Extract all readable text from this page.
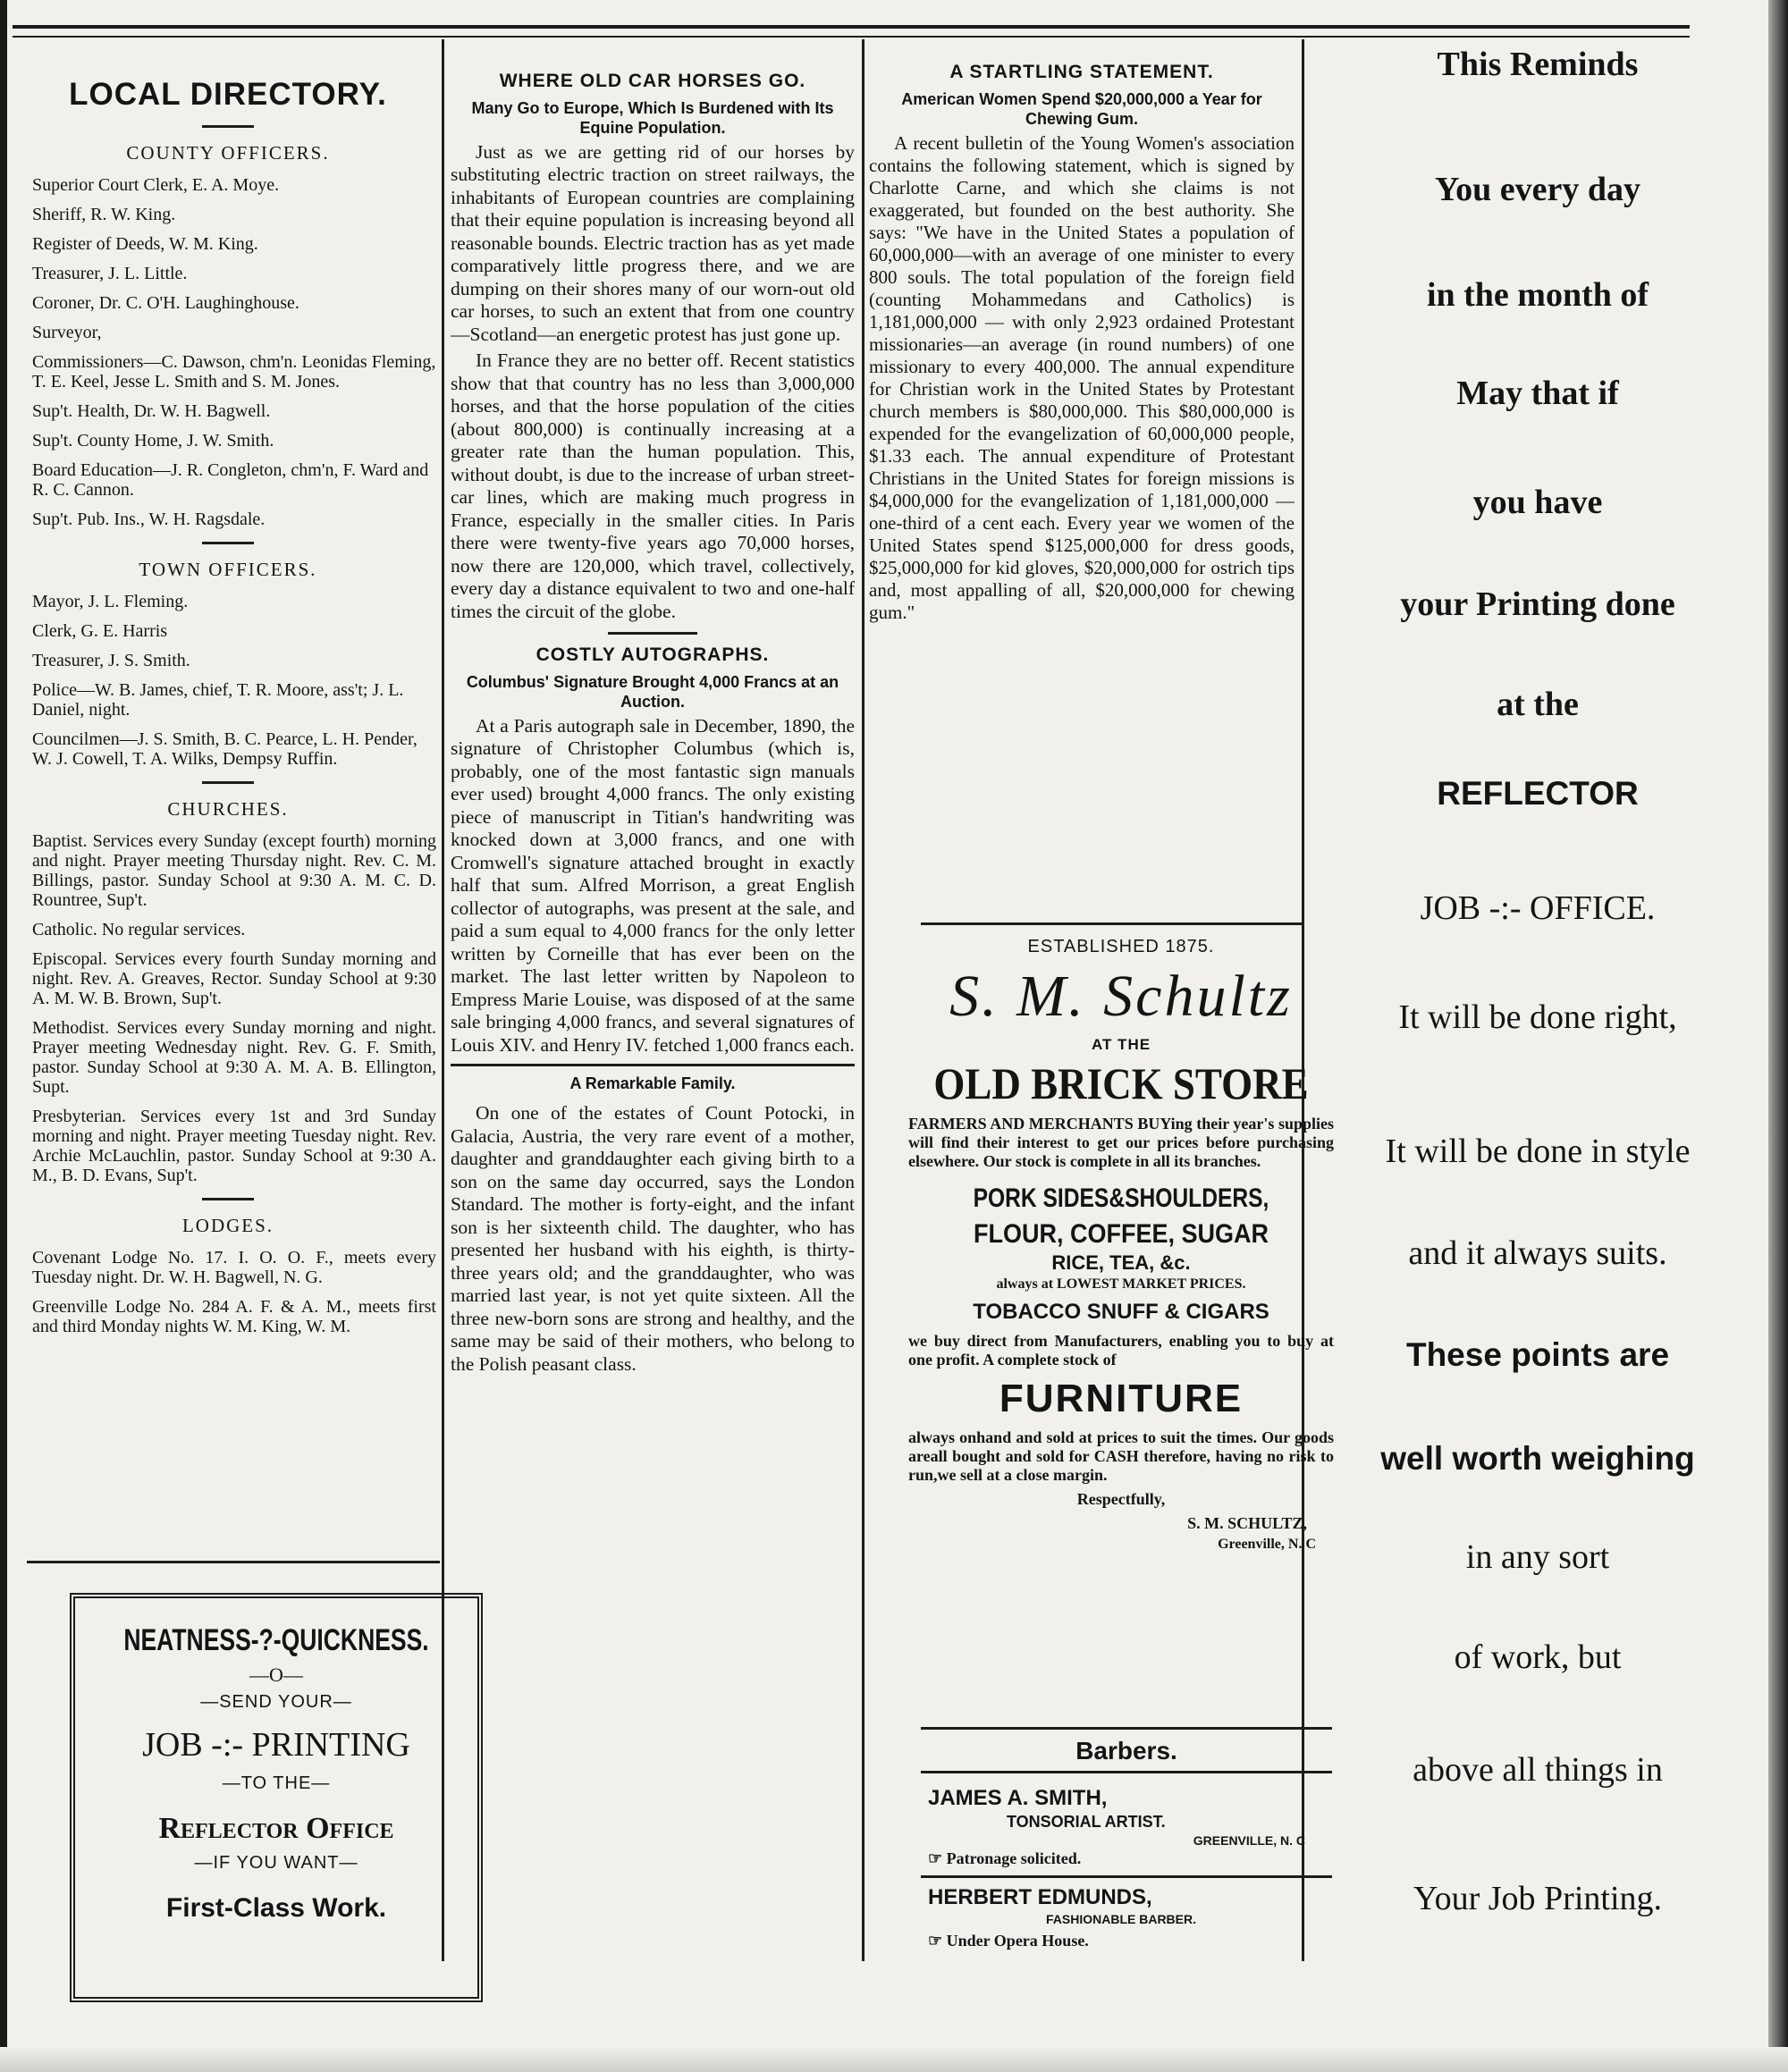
LOCAL DIRECTORY.
COUNTY OFFICERS.

Superior Court Clerk, E. A. Moye.

Sheriff, R. W. King.

Register of Deeds, W. M. King.

Treasurer, J. L. Little.

Coroner, Dr. C. O'H. Laughinghouse.

Surveyor,

Commissioners—C. Dawson, chm'n. Leonidas Fleming, T. E. Keel, Jesse L. Smith and S. M. Jones.

Sup't. Health, Dr. W. H. Bagwell.

Sup't. County Home, J. W. Smith.

Board Education—J. R. Congleton, chm'n, F. Ward and R. C. Cannon.

Sup't. Pub. Ins., W. H. Ragsdale.

TOWN OFFICERS.

Mayor, J. L. Fleming.

Clerk, G. E. Harris

Treasurer, J. S. Smith.

Police—W. B. James, chief, T. R. Moore, ass't; J. L. Daniel, night.

Councilmen—J. S. Smith, B. C. Pearce, L. H. Pender, W. J. Cowell, T. A. Wilks, Dempsy Ruffin.

CHURCHES.

Baptist. Services every Sunday (except fourth) morning and night. Prayer meeting Thursday night. Rev. C. M. Billings, pastor. Sunday School at 9:30 A. M. C. D. Rountree, Sup't.

Catholic. No regular services.

Episcopal. Services every fourth Sunday morning and night. Rev. A. Greaves, Rector. Sunday School at 9:30 A. M. W. B. Brown, Sup't.

Methodist. Services every Sunday morning and night. Prayer meeting Wednesday night. Rev. G. F. Smith, pastor. Sunday School at 9:30 A. M. A. B. Ellington, Supt.

Presbyterian. Services every 1st and 3rd Sunday morning and night. Prayer meeting Tuesday night. Rev. Archie McLauchlin, pastor. Sunday School at 9:30 A. M., B. D. Evans, Sup't.

LODGES.

Covenant Lodge No. 17. I. O. O. F., meets every Tuesday night. Dr. W. H. Bagwell, N. G.

Greenville Lodge No. 284 A. F. & A. M., meets first and third Monday nights W. M. King, W. M.

NEATNESS-?-QUICKNESS.
—O—
—SEND YOUR—
JOB -:- PRINTING
—TO THE—
Reflector Office
—IF YOU WANT—
First-Class Work.
WHERE OLD CAR HORSES GO.
Many Go to Europe, Which Is Burdened with Its Equine Population.

Just as we are getting rid of our horses by substituting electric traction on street railways, the inhabitants of European countries are complaining that their equine population is increasing beyond all reasonable bounds. Electric traction has as yet made comparatively little progress there, and we are dumping on their shores many of our worn-out old car horses, to such an extent that from one country—Scotland—an energetic protest has just gone up.

In France they are no better off. Recent statistics show that that country has no less than 3,000,000 horses, and that the horse population of the cities (about 800,000) is continually increasing at a greater rate than the human population. This, without doubt, is due to the increase of urban street-car lines, which are making much progress in France, especially in the smaller cities. In Paris there were twenty-five years ago 70,000 horses, now there are 120,000, which travel, collectively, every day a distance equivalent to two and one-half times the circuit of the globe.

COSTLY AUTOGRAPHS.
Columbus' Signature Brought 4,000 Francs at an Auction.

At a Paris autograph sale in December, 1890, the signature of Christopher Columbus (which is, probably, one of the most fantastic sign manuals ever used) brought 4,000 francs. The only existing piece of manuscript in Titian's handwriting was knocked down at 3,000 francs, and one with Cromwell's signature attached brought in exactly half that sum. Alfred Morrison, a great English collector of autographs, was present at the sale, and paid a sum equal to 4,000 francs for the only letter written by Corneille that has ever been on the market. The last letter written by Napoleon to Empress Marie Louise, was disposed of at the same sale bringing 4,000 francs, and several signatures of Louis XIV. and Henry IV. fetched 1,000 francs each.

A Remarkable Family.

On one of the estates of Count Potocki, in Galacia, Austria, the very rare event of a mother, daughter and granddaughter each giving birth to a son on the same day occurred, says the London Standard. The mother is forty-eight, and the infant son is her sixteenth child. The daughter, who has presented her husband with his eighth, is thirty-three years old; and the granddaughter, who was married last year, is not yet quite sixteen. All the three new-born sons are strong and healthy, and the same may be said of their mothers, who belong to the Polish peasant class.

A STARTLING STATEMENT.
American Women Spend $20,000,000 a Year for Chewing Gum.

A recent bulletin of the Young Women's association contains the following statement, which is signed by Charlotte Carne, and which she claims is not exaggerated, but founded on the best authority. She says: "We have in the United States a population of 60,000,000—with an average of one minister to every 800 souls. The total population of the foreign field (counting Mohammedans and Catholics) is 1,181,000,000 — with only 2,923 ordained Protestant missionaries—an average (in round numbers) of one missionary to every 400,000. The annual expenditure for Christian work in the United States by Protestant church members is $80,000,000. This $80,000,000 is expended for the evangelization of 60,000,000 people, $1.33 each. The annual expenditure of Protestant Christians in the United States for foreign missions is $4,000,000 for the evangelization of 1,181,000,000 — one-third of a cent each. Every year we women of the United States spend $125,000,000 for dress goods, $25,000,000 for kid gloves, $20,000,000 for ostrich tips and, most appalling of all, $20,000,000 for chewing gum."

ESTABLISHED 1875.
S. M. Schultz
AT THE
OLD BRICK STORE

FARMERS AND MERCHANTS BUYing their year's supplies will find their interest to get our prices before purchasing elsewhere. Our stock is complete in all its branches.

PORK SIDES&SHOULDERS,
FLOUR, COFFEE, SUGAR
RICE, TEA, &c.
always at LOWEST MARKET PRICES.
TOBACCO SNUFF & CIGARS

we buy direct from Manufacturers, enabling you to buy at one profit. A complete stock of

FURNITURE

always onhand and sold at prices to suit the times. Our goods areall bought and sold for CASH therefore, having no risk to run,we sell at a close margin.

Respectfully,
S. M. SCHULTZ,
Greenville, N. C
Barbers.
JAMES A. SMITH,
TONSORIAL ARTIST.
GREENVILLE, N. C
☞ Patronage solicited.
HERBERT EDMUNDS,
FASHIONABLE BARBER.
☞ Under Opera House.
This Reminds
You every day
in the month of
May that if
you have
your Printing done
at the
REFLECTOR
JOB -:- OFFICE.
It will be done right,
It will be done in style
and it always suits.
These points are
well worth weighing
in any sort
of work, but
above all things in
Your Job Printing.
